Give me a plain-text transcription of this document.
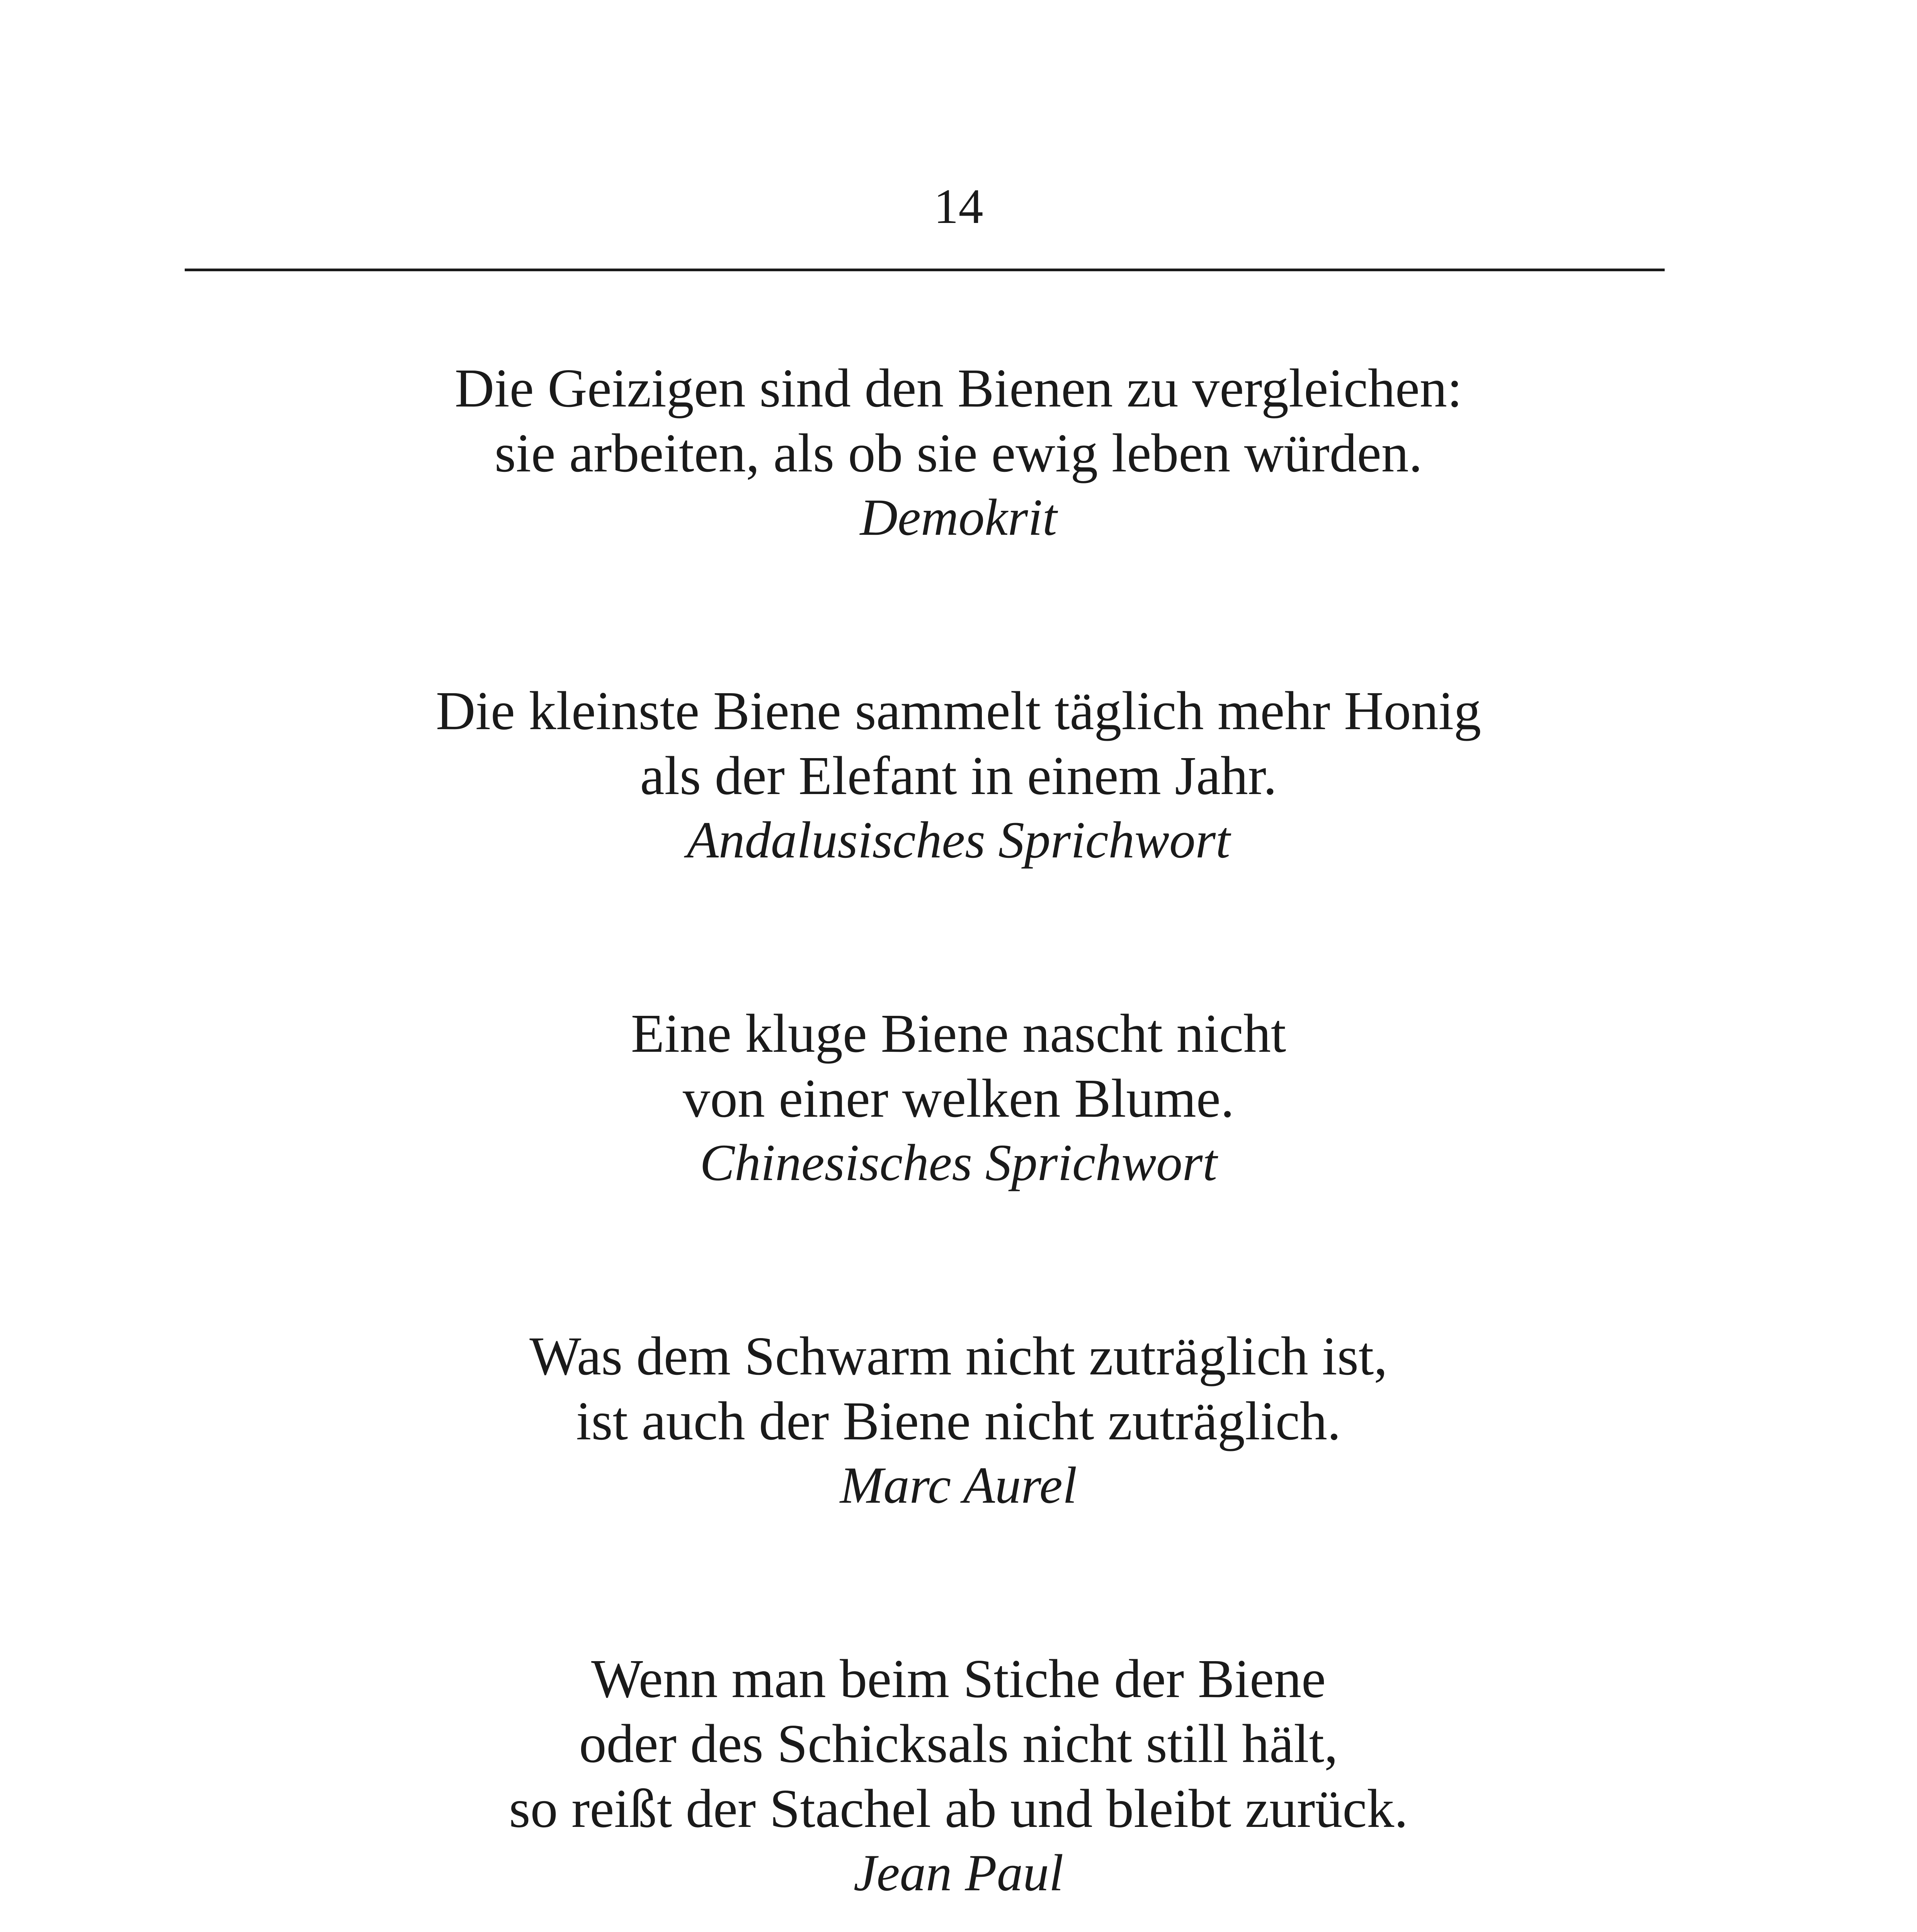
14
Die Geizigen sind den Bienen zu vergleichen:
sie arbeiten, als ob sie ewig leben würden.
Demokrit
Die kleinste Biene sammelt täglich mehr Honig
als der Elefant in einem Jahr.
Andalusisches Sprichwort
Eine kluge Biene nascht nicht
von einer welken Blume.
Chinesisches Sprichwort
Was dem Schwarm nicht zuträglich ist,
ist auch der Biene nicht zuträglich.
Marc Aurel
Wenn man beim Stiche der Biene
oder des Schicksals nicht still hält,
so reißt der Stachel ab und bleibt zurück.
Jean Paul
